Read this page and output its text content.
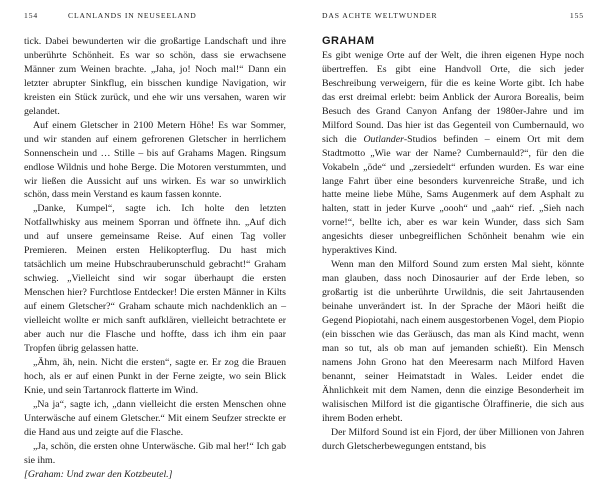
154	CLANLANDS IN NEUSEELAND

tick. Dabei bewunderten wir die großartige Landschaft und ihre unberührte Schönheit. Es war so schön, dass sie erwachsene Männer zum Weinen brachte. „Jaha, jo! Noch mal!“ Dann ein letzter abrupter Sinkflug, ein bisschen kundige Navigation, wir kreisten ein Stück zurück, und ehe wir uns versahen, waren wir gelandet.

Auf einem Gletscher in 2100 Metern Höhe! Es war Sommer, und wir standen auf einem gefrorenen Gletscher in herrlichem Sonnenschein und … Stille – bis auf Grahams Magen. Ringsum endlose Wildnis und hohe Berge. Die Motoren verstummten, und wir ließen die Aussicht auf uns wirken. Es war so unwirklich schön, dass mein Verstand es kaum fassen konnte.

„Danke, Kumpel“, sagte ich. Ich holte den letzten Notfallwhisky aus meinem Sporran und öffnete ihn. „Auf dich und auf unsere gemeinsame Reise. Auf einen Tag voller Premieren. Meinen ersten Helikopterflug. Du hast mich tatsächlich um meine Hubschrauberunschuld gebracht!“ Graham schwieg. „Vielleicht sind wir sogar überhaupt die ersten Menschen hier? Furchtlose Entdecker! Die ersten Männer in Kilts auf einem Gletscher?“ Graham schaute mich nachdenklich an – vielleicht wollte er mich sanft aufklären, vielleicht betrachtete er aber auch nur die Flasche und hoffte, dass ich ihm ein paar Tropfen übrig gelassen hatte.

„Ähm, äh, nein. Nicht die ersten“, sagte er. Er zog die Brauen hoch, als er auf einen Punkt in der Ferne zeigte, wo sein Blick Knie, und sein Tartanrock flatterte im Wind.

„Na ja“, sagte ich, „dann vielleicht die ersten Menschen ohne Unterwäsche auf einem Gletscher.“ Mit einem Seufzer streckte er die Hand aus und zeigte auf die Flasche.

„Ja, schön, die ersten ohne Unterwäsche. Gib mal her!“ Ich gab sie ihm.
[Graham: Und zwar den Kotzbeutel.]

DAS ACHTE WELTWUNDER	155
GRAHAM

Es gibt wenige Orte auf der Welt, die ihren eigenen Hype noch übertreffen. Es gibt eine Handvoll Orte, die sich jeder Beschreibung verweigern, für die es keine Worte gibt. Ich habe das erst dreimal erlebt: beim Anblick der Aurora Borealis, beim Besuch des Grand Canyon Anfang der 1980er-Jahre und im Milford Sound. Das hier ist das Gegenteil von Cumbernauld, wo sich die Outlander-Studios befinden – einem Ort mit dem Stadtmotto „Wie war der Name? Cumbernauld?“, für den die Vokabeln „öde“ und „zersiedelt“ erfunden wurden. Es war eine lange Fahrt über eine besonders kurvenreiche Straße, und ich hatte meine liebe Mühe, Sams Augenmerk auf dem Asphalt zu halten, statt in jeder Kurve „oooh“ und „aah“ rief. „Sieh nach vorne!“, bellte ich, aber es war kein Wunder, dass sich Sam angesichts dieser unbegreiflichen Schönheit benahm wie ein hyperaktives Kind.

Wenn man den Milford Sound zum ersten Mal sieht, könnte man glauben, dass noch Dinosaurier auf der Erde leben, so großartig ist die unberührte Urwildnis, die seit Jahrtausenden beinahe unverändert ist. In der Sprache der Māori heißt die Gegend Piopiotahi, nach einem ausgestorbenen Vogel, dem Piopio (ein bisschen wie das Geräusch, das man als Kind macht, wenn man so tut, als ob man auf jemanden schießt). Ein Mensch namens John Grono hat den Meeresarm nach Milford Haven benannt, seiner Heimatstadt in Wales. Leider endet die Ähnlichkeit mit dem Namen, denn die einzige Besonderheit im walisischen Milford ist die gigantische Ölraffinerie, die sich aus ihrem Boden erhebt.

Der Milford Sound ist ein Fjord, der über Millionen von Jahren durch Gletscherbewegungen entstand, bis
